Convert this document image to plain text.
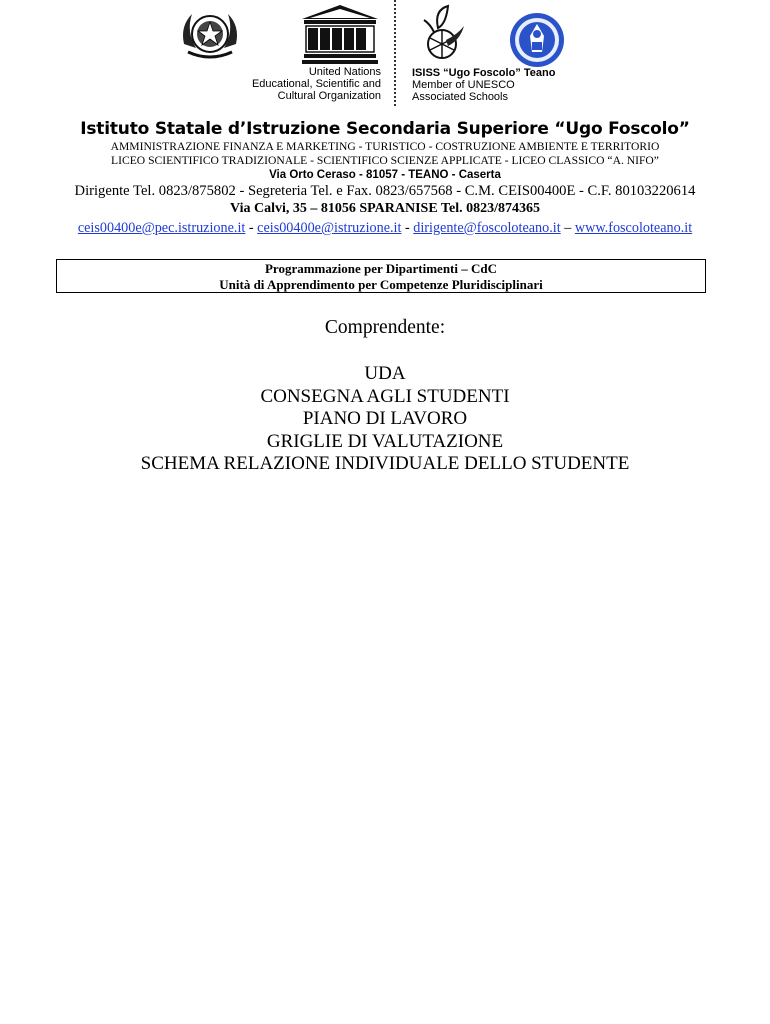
United Nations
Educational, Scientific and
Cultural Organization
ISISS “Ugo Foscolo” Teano
Member of UNESCO
Associated Schools
Istituto Statale d’Istruzione Secondaria Superiore “Ugo Foscolo”
AMMINISTRAZIONE FINANZA E MARKETING - TURISTICO - COSTRUZIONE AMBIENTE E TERRITORIO
LICEO SCIENTIFICO TRADIZIONALE - SCIENTIFICO SCIENZE APPLICATE - LICEO CLASSICO “A. NIFO”
Via Orto Ceraso - 81057 - TEANO - Caserta
Dirigente Tel. 0823/875802 - Segreteria Tel. e Fax. 0823/657568 - C.M. CEIS00400E - C.F. 80103220614
Via Calvi, 35 – 81056 SPARANISE Tel. 0823/874365
ceis00400e@pec.istruzione.it - ceis00400e@istruzione.it - dirigente@foscoloteano.it – www.foscoloteano.it
Programmazione per Dipartimenti – CdC
Unità di Apprendimento per Competenze Pluridisciplinari
Comprendente:
UDA
CONSEGNA AGLI STUDENTI
PIANO DI LAVORO
GRIGLIE DI VALUTAZIONE
SCHEMA RELAZIONE INDIVIDUALE DELLO STUDENTE
